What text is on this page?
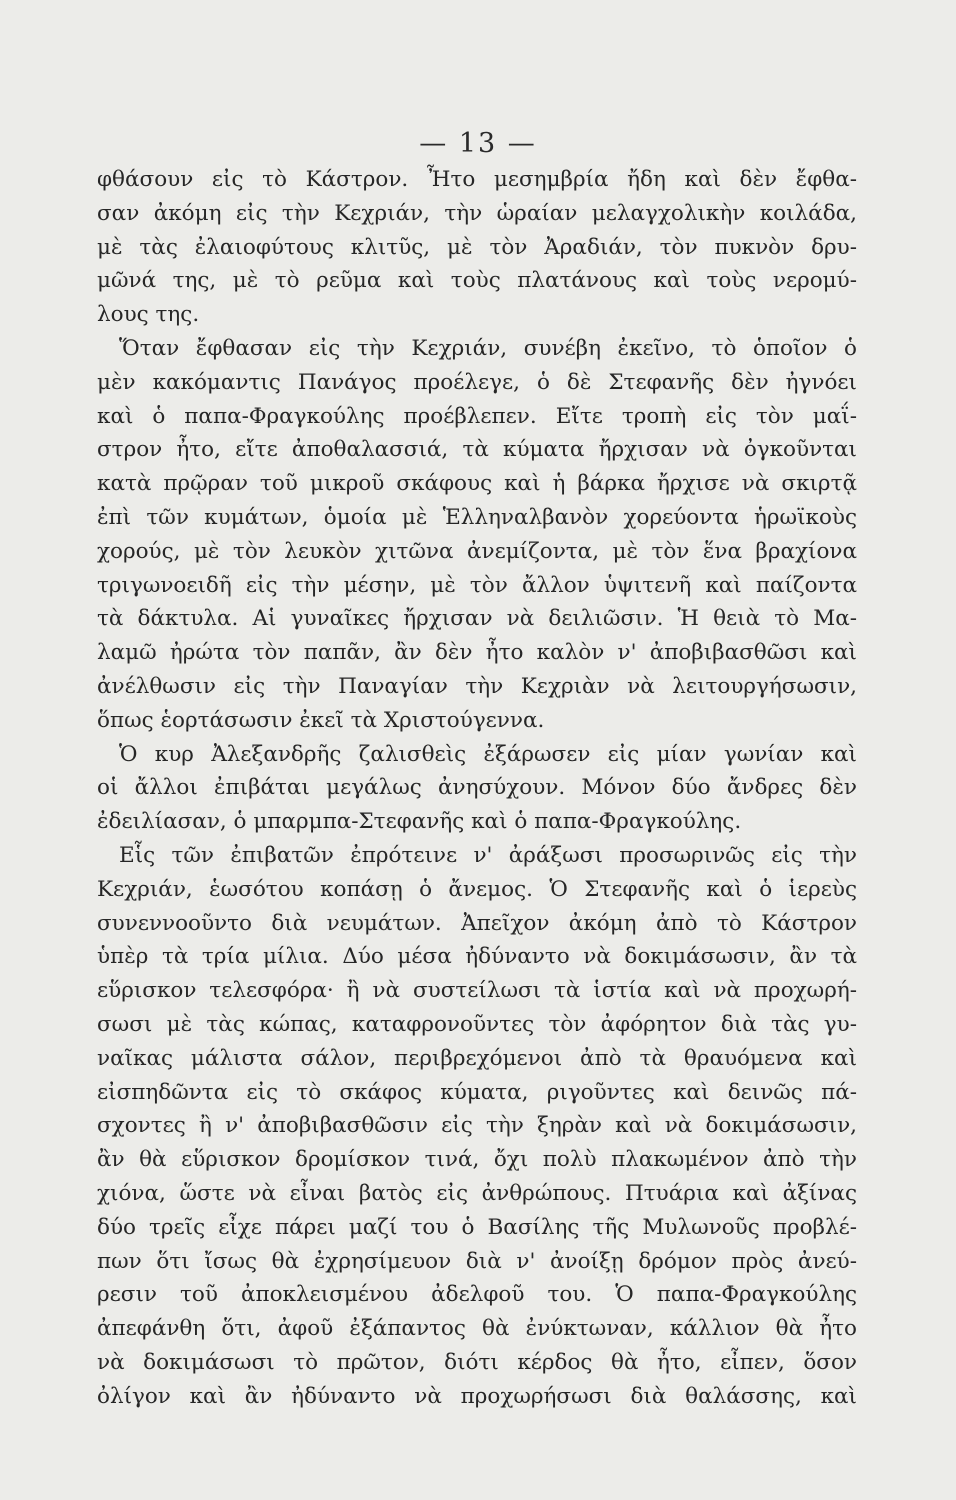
— 13 —
φθάσουν εἰς τὸ Κάστρον. Ἦτο μεσημβρία ἤδη καὶ δὲν ἔφθα-
σαν ἀκόμη εἰς τὴν Κεχριάν, τὴν ὡραίαν μελαγχολικὴν κοιλάδα,
μὲ τὰς ἐλαιοφύτους κλιτῦς, μὲ τὸν Ἀραδιάν, τὸν πυκνὸν δρυ-
μῶνά της, μὲ τὸ ρεῦμα καὶ τοὺς πλατάνους καὶ τοὺς νερομύ-
λους της.
Ὅταν ἔφθασαν εἰς τὴν Κεχριάν, συνέβη ἐκεῖνο, τὸ ὁποῖον ὁ
μὲν κακόμαντις Πανάγος προέλεγε, ὁ δὲ Στεφανῆς δὲν ἠγνόει
καὶ ὁ παπα-Φραγκούλης προέβλεπεν. Εἴτε τροπὴ εἰς τὸν μαΐ-
στρον ἦτο, εἴτε ἀποθαλασσιά, τὰ κύματα ἤρχισαν νὰ ὀγκοῦνται
κατὰ πρῷραν τοῦ μικροῦ σκάφους καὶ ἡ βάρκα ἤρχισε νὰ σκιρτᾷ
ἐπὶ τῶν κυμάτων, ὁμοία μὲ Ἑλληναλβανὸν χορεύοντα ἡρωϊκοὺς
χορούς, μὲ τὸν λευκὸν χιτῶνα ἀνεμίζοντα, μὲ τὸν ἕνα βραχίονα
τριγωνοειδῆ εἰς τὴν μέσην, μὲ τὸν ἄλλον ὑψιτενῆ καὶ παίζοντα
τὰ δάκτυλα. Αἱ γυναῖκες ἤρχισαν νὰ δειλιῶσιν. Ἡ θειὰ τὸ Μα-
λαμῶ ἠρώτα τὸν παπᾶν, ἂν δὲν ἦτο καλὸν ν' ἀποβιβασθῶσι καὶ
ἀνέλθωσιν εἰς τὴν Παναγίαν τὴν Κεχριὰν νὰ λειτουργήσωσιν,
ὅπως ἑορτάσωσιν ἐκεῖ τὰ Χριστούγεννα.
Ὁ κυρ Ἀλεξανδρῆς ζαλισθεὶς ἐξάρωσεν εἰς μίαν γωνίαν καὶ
οἱ ἄλλοι ἐπιβάται μεγάλως ἀνησύχουν. Μόνον δύο ἄνδρες δὲν
ἐδειλίασαν, ὁ μπαρμπα-Στεφανῆς καὶ ὁ παπα-Φραγκούλης.
Εἷς τῶν ἐπιβατῶν ἐπρότεινε ν' ἀράξωσι προσωρινῶς εἰς τὴν
Κεχριάν, ἑωσότου κοπάσῃ ὁ ἄνεμος. Ὁ Στεφανῆς καὶ ὁ ἱερεὺς
συνεννοοῦντο διὰ νευμάτων. Ἀπεῖχον ἀκόμη ἀπὸ τὸ Κάστρον
ὑπὲρ τὰ τρία μίλια. Δύο μέσα ἠδύναντο νὰ δοκιμάσωσιν, ἂν τὰ
εὕρισκον τελεσφόρα· ἢ νὰ συστείλωσι τὰ ἱστία καὶ νὰ προχωρή-
σωσι μὲ τὰς κώπας, καταφρονοῦντες τὸν ἀφόρητον διὰ τὰς γυ-
ναῖκας μάλιστα σάλον, περιβρεχόμενοι ἀπὸ τὰ θραυόμενα καὶ
εἰσπηδῶντα εἰς τὸ σκάφος κύματα, ριγοῦντες καὶ δεινῶς πά-
σχοντες ἢ ν' ἀποβιβασθῶσιν εἰς τὴν ξηρὰν καὶ νὰ δοκιμάσωσιν,
ἂν θὰ εὕρισκον δρομίσκον τινά, ὄχι πολὺ πλακωμένον ἀπὸ τὴν
χιόνα, ὥστε νὰ εἶναι βατὸς εἰς ἀνθρώπους. Πτυάρια καὶ ἀξίνας
δύο τρεῖς εἶχε πάρει μαζί του ὁ Βασίλης τῆς Μυλωνοῦς προβλέ-
πων ὅτι ἴσως θὰ ἐχρησίμευον διὰ ν' ἀνοίξῃ δρόμον πρὸς ἀνεύ-
ρεσιν τοῦ ἀποκλεισμένου ἀδελφοῦ του. Ὁ παπα-Φραγκούλης
ἀπεφάνθη ὅτι, ἀφοῦ ἐξάπαντος θὰ ἐνύκτωναν, κάλλιον θὰ ἦτο
νὰ δοκιμάσωσι τὸ πρῶτον, διότι κέρδος θὰ ἦτο, εἶπεν, ὅσον
ὀλίγον καὶ ἂν ἠδύναντο νὰ προχωρήσωσι διὰ θαλάσσης, καὶ
